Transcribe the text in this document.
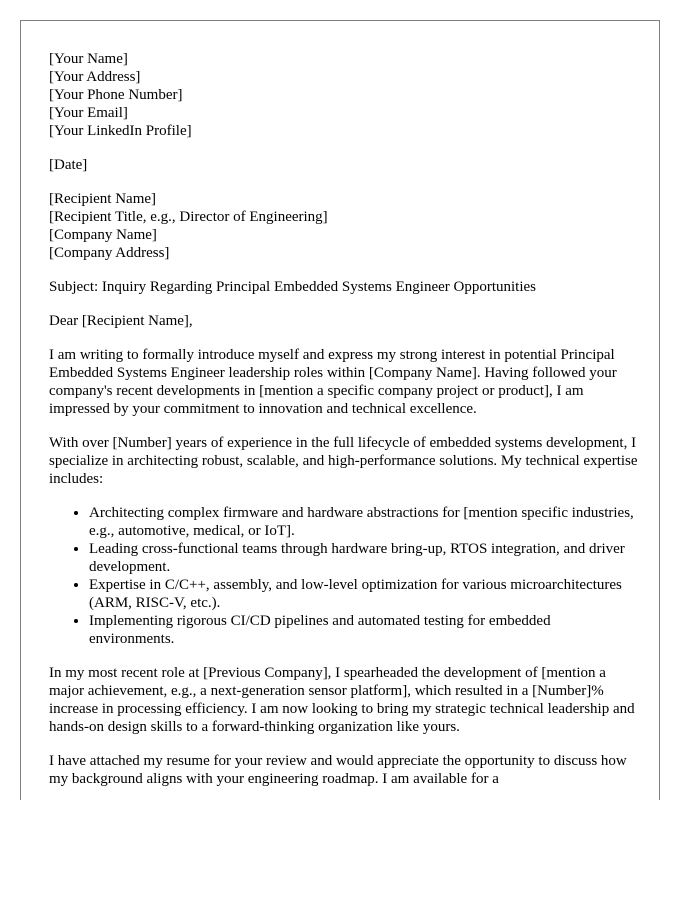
[Your Name]
[Your Address]
[Your Phone Number]
[Your Email]
[Your LinkedIn Profile]
[Date]
[Recipient Name]
[Recipient Title, e.g., Director of Engineering]
[Company Name]
[Company Address]

Subject: Inquiry Regarding Principal Embedded Systems Engineer Opportunities

Dear [Recipient Name],

I am writing to formally introduce myself and express my strong interest in potential Principal Embedded Systems Engineer leadership roles within [Company Name]. Having followed your company's recent developments in [mention a specific company project or product], I am impressed by your commitment to innovation and technical excellence.

With over [Number] years of experience in the full lifecycle of embedded systems development, I specialize in architecting robust, scalable, and high-performance solutions. My technical expertise includes:

• Architecting complex firmware and hardware abstractions for [mention specific industries, e.g., automotive, medical, or IoT].
• Leading cross-functional teams through hardware bring-up, RTOS integration, and driver development.
• Expertise in C/C++, assembly, and low-level optimization for various microarchitectures (ARM, RISC-V, etc.).
• Implementing rigorous CI/CD pipelines and automated testing for embedded environments.

In my most recent role at [Previous Company], I spearheaded the development of [mention a major achievement, e.g., a next-generation sensor platform], which resulted in a [Number]% increase in processing efficiency. I am now looking to bring my strategic technical leadership and hands-on design skills to a forward-thinking organization like yours.

I have attached my resume for your review and would appreciate the opportunity to discuss how my background aligns with your engineering roadmap. I am available for a
